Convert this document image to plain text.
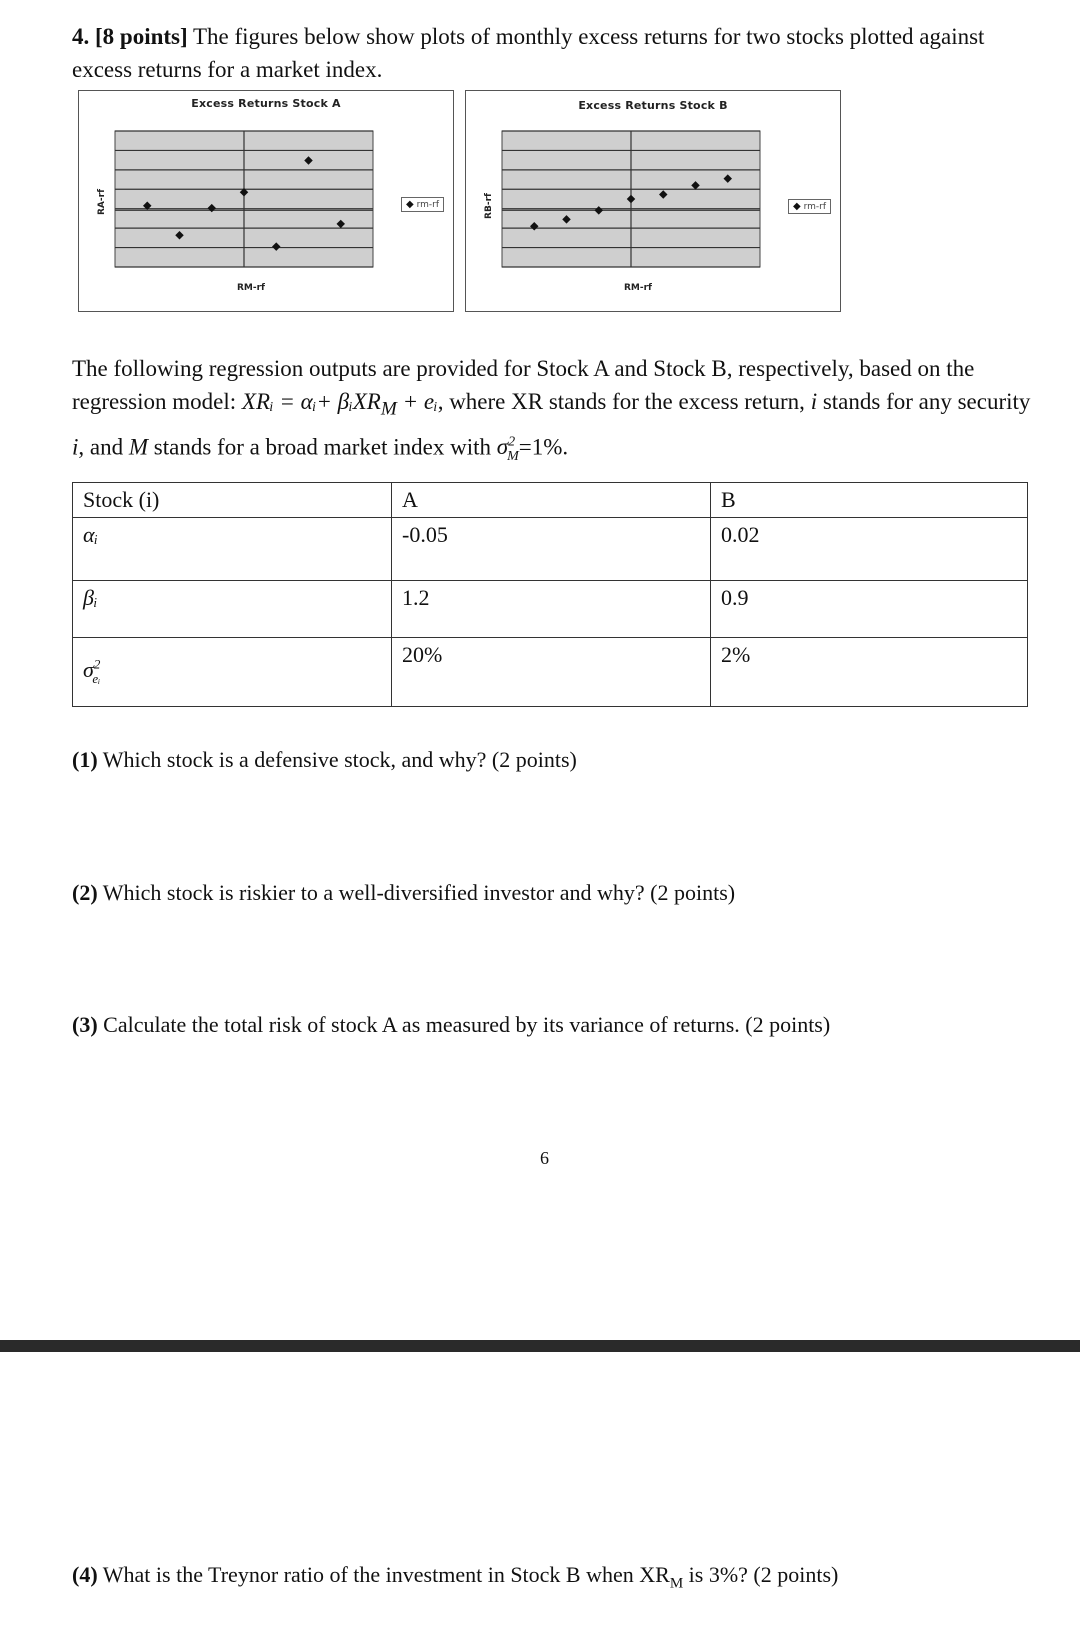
4. [8 points] The figures below show plots of monthly excess returns for two stocks plotted against excess returns for a market index.
Excess Returns Stock A
RA-rf
RM-rf
◆ rm-rf
Excess Returns Stock B
RB-rf
RM-rf
◆ rm-rf
The following regression outputs are provided for Stock A and Stock B, respectively, based on the regression model: XRᵢ = αᵢ+ βᵢXR$_M$ + eᵢ, where XR stands for the excess return, i stands for any security i, and M stands for a broad market index with $\sigma^2_M=1\%$.
Stock (i)	A	B
αᵢ	-0.05	0.02
βᵢ	1.2	0.9
$\sigma^2_{eᵢ}$	20%	2%
(1) Which stock is a defensive stock, and why? (2 points)
(2) Which stock is riskier to a well-diversified investor and why? (2 points)
(3) Calculate the total risk of stock A as measured by its variance of returns. (2 points)
6
(4) What is the Treynor ratio of the investment in Stock B when $XR_M$ is 3%? (2 points)
